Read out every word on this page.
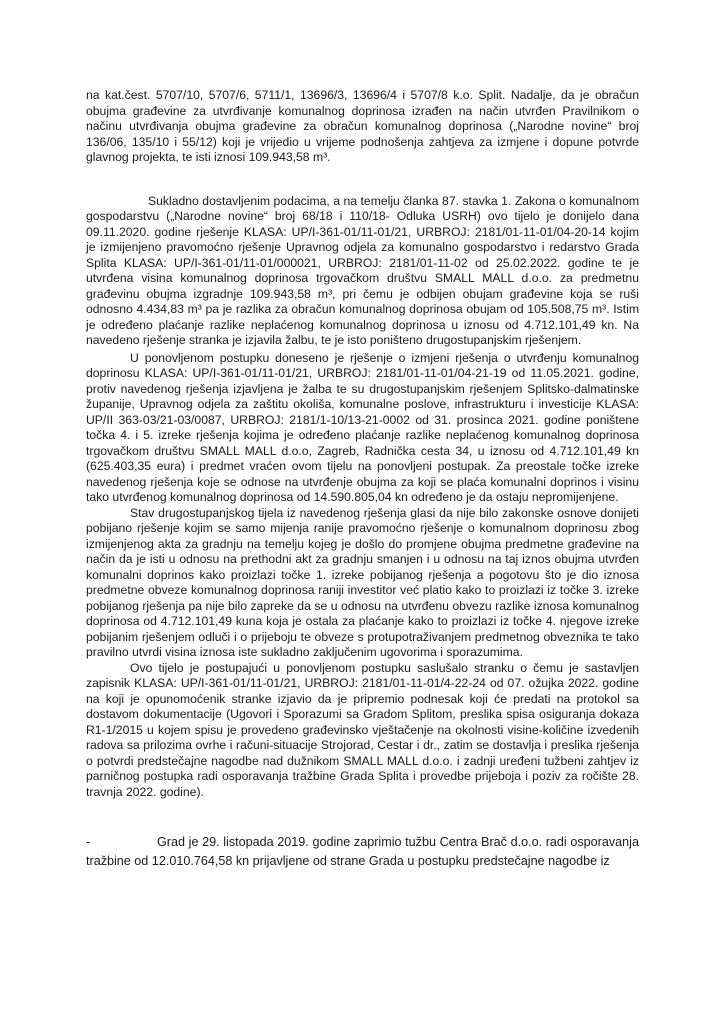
na kat.čest. 5707/10, 5707/6, 5711/1, 13696/3, 13696/4 i 5707/8 k.o. Split. Nadalje, da je obračun obujma građevine za utvrđivanje komunalnog doprinosa izrađen na način utvrđen Pravilnikom o načinu utvrđivanja obujma građevine za obračun komunalnog doprinosa („Narodne novine“ broj 136/06, 135/10 i 55/12) koji je vrijedio u vrijeme podnošenja zahtjeva za izmjene i dopune potvrde glavnog projekta, te isti iznosi 109.943,58 m³.

Sukladno dostavljenim podacima, a na temelju članka 87. stavka 1. Zakona o komunalnom gospodarstvu („Narodne novine“ broj 68/18 i 110/18- Odluka USRH) ovo tijelo je donijelo dana 09.11.2020. godine rješenje KLASA: UP/I-361-01/11-01/21, URBROJ: 2181/01-11-01/04-20-14 kojim je izmijenjeno pravomoćno rješenje Upravnog odjela za komunalno gospodarstvo i redarstvo Grada Splita KLASA: UP/I-361-01/11-01/000021, URBROJ: 2181/01-11-02 od 25.02.2022. godine te je utvrđena visina komunalnog doprinosa trgovačkom društvu SMALL MALL d.o.o. za predmetnu građevinu obujma izgradnje 109.943,58 m³, pri čemu je odbijen obujam građevine koja se ruši odnosno 4.434,83 m³ pa je razlika za obračun komunalnog doprinosa obujam od 105.508,75 m³. Istim je određeno plaćanje razlike neplaćenog komunalnog doprinosa u iznosu od 4.712.101,49 kn. Na navedeno rješenje stranka je izjavila žalbu, te je isto poništeno drugostupanjskim rješenjem.

U ponovljenom postupku doneseno je rješenje o izmjeni rješenja o utvrđenju komunalnog doprinosu KLASA: UP/I-361-01/11-01/21, URBROJ: 2181/01-11-01/04-21-19 od 11.05.2021. godine, protiv navedenog rješenja izjavljena je žalba te su drugostupanjskim rješenjem Splitsko-dalmatinske županije, Upravnog odjela za zaštitu okoliša, komunalne poslove, infrastrukturu i investicije KLASA: UP/II 363-03/21-03/0087, URBROJ: 2181/1-10/13-21-0002 od 31. prosinca 2021. godine poništene točka 4. i 5. izreke rješenja kojima je određeno plaćanje razlike neplaćenog komunalnog doprinosa trgovačkom društvu SMALL MALL d.o.o, Zagreb, Radnička cesta 34, u iznosu od 4.712.101,49 kn (625.403,35 eura) i predmet vraćen ovom tijelu na ponovljeni postupak. Za preostale točke izreke navedenog rješenja koje se odnose na utvrđenje obujma za koji se plaća komunalni doprinos i visinu tako utvrđenog komunalnog doprinosa od 14.590.805,04 kn određeno je da ostaju nepromijenjene.

Stav drugostupanjskog tijela iz navedenog rješenja glasi da nije bilo zakonske osnove donijeti pobijano rješenje kojim se samo mijenja ranije pravomoćno rješenje o komunalnom doprinosu zbog izmijenjenog akta za gradnju na temelju kojeg je došlo do promjene obujma predmetne građevine na način da je isti u odnosu na prethodni akt za gradnju smanjen i u odnosu na taj iznos obujma utvrđen komunalni doprinos kako proizlazi točke 1. izreke pobijanog rješenja a pogotovu što je dio iznosa predmetne obveze komunalnog doprinosa raniji investitor već platio kako to proizlazi iz točke 3. izreke pobijanog rješenja pa nije bilo zapreke da se u odnosu na utvrđenu obvezu razlike iznosa komunalnog doprinosa od 4.712.101,49 kuna koja je ostala za plaćanje kako to proizlazi iz točke 4. njegove izreke pobijanim rješenjem odluči i o prijeboju te obveze s protupotraživanjem predmetnog obveznika te tako pravilno utvrdi visina iznosa iste sukladno zaključenim ugovorima i sporazumima.

Ovo tijelo je postupajući u ponovljenom postupku saslušalo stranku o čemu je sastavljen zapisnik KLASA: UP/I-361-01/11-01/21, URBROJ: 2181/01-11-01/4-22-24 od 07. ožujka 2022. godine na koji je opunomoćenik stranke izjavio da je pripremio podnesak koji će predati na protokol sa dostavom dokumentacije (Ugovori i Sporazumi sa Gradom Splitom, preslika spisa osiguranja dokaza R1-1/2015 u kojem spisu je provedeno građevinsko vještačenje na okolnosti visine-količine izvedenih radova sa prilozima ovrhe i računi-situacije Strojorad, Cestar i dr., zatim se dostavlja i preslika rješenja o potvrdi predstečajne nagodbe nad dužnikom SMALL MALL d.o.o. i zadnji uređeni tužbeni zahtjev iz parničnog postupka radi osporavanja tražbine Grada Splita i provedbe prijeboja i poziv za ročište 28. travnja 2022. godine).

-	Grad je 29. listopada 2019. godine zaprimio tužbu Centra Brač d.o.o. radi osporavanja tražbine od 12.010.764,58 kn prijavljene od strane Grada u postupku predstečajne nagodbe iz
